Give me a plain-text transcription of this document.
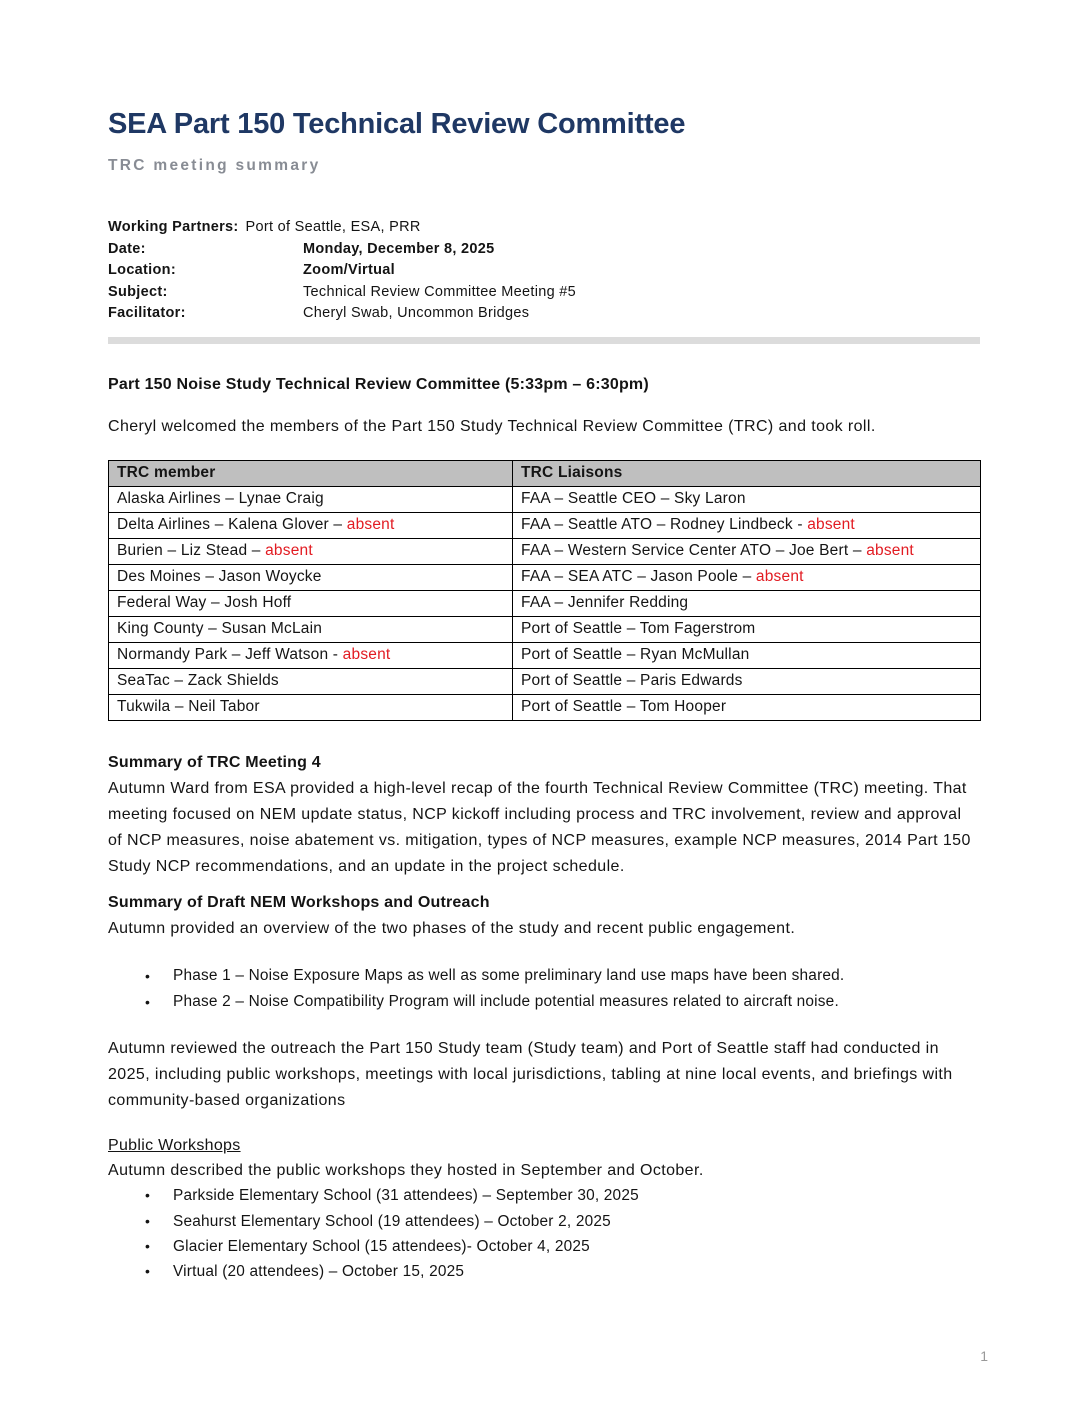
SEA Part 150 Technical Review Committee
TRC meeting summary
Working Partners: Port of Seattle, ESA, PRR
Date:	Monday, December 8, 2025
Location:	Zoom/Virtual
Subject:	Technical Review Committee Meeting #5
Facilitator:	Cheryl Swab, Uncommon Bridges

Part 150 Noise Study Technical Review Committee (5:33pm – 6:30pm)

Cheryl welcomed the members of the Part 150 Study Technical Review Committee (TRC) and took roll.

TRC member	TRC Liaisons
Alaska Airlines – Lynae Craig	FAA – Seattle CEO – Sky Laron
Delta Airlines – Kalena Glover – absent	FAA – Seattle ATO – Rodney Lindbeck - absent
Burien – Liz Stead – absent	FAA – Western Service Center ATO – Joe Bert – absent
Des Moines – Jason Woycke	FAA – SEA ATC – Jason Poole – absent
Federal Way – Josh Hoff	FAA – Jennifer Redding
King County – Susan McLain	Port of Seattle – Tom Fagerstrom
Normandy Park – Jeff Watson - absent	Port of Seattle – Ryan McMullan
SeaTac – Zack Shields	Port of Seattle – Paris Edwards
Tukwila – Neil Tabor	Port of Seattle – Tom Hooper

Summary of TRC Meeting 4

Autumn Ward from ESA provided a high-level recap of the fourth Technical Review Committee (TRC) meeting. That meeting focused on NEM update status, NCP kickoff including process and TRC involvement, review and approval of NCP measures, noise abatement vs. mitigation, types of NCP measures, example NCP measures, 2014 Part 150 Study NCP recommendations, and an update in the project schedule.

Summary of Draft NEM Workshops and Outreach

Autumn provided an overview of the two phases of the study and recent public engagement.

•	Phase 1 – Noise Exposure Maps as well as some preliminary land use maps have been shared.
•	Phase 2 – Noise Compatibility Program will include potential measures related to aircraft noise.

Autumn reviewed the outreach the Part 150 Study team (Study team) and Port of Seattle staff had conducted in 2025, including public workshops, meetings with local jurisdictions, tabling at nine local events, and briefings with community-based organizations

Public Workshops

Autumn described the public workshops they hosted in September and October.

•	Parkside Elementary School (31 attendees) – September 30, 2025
•	Seahurst Elementary School (19 attendees) – October 2, 2025
•	Glacier Elementary School (15 attendees)- October 4, 2025
•	Virtual (20 attendees) – October 15, 2025
1
